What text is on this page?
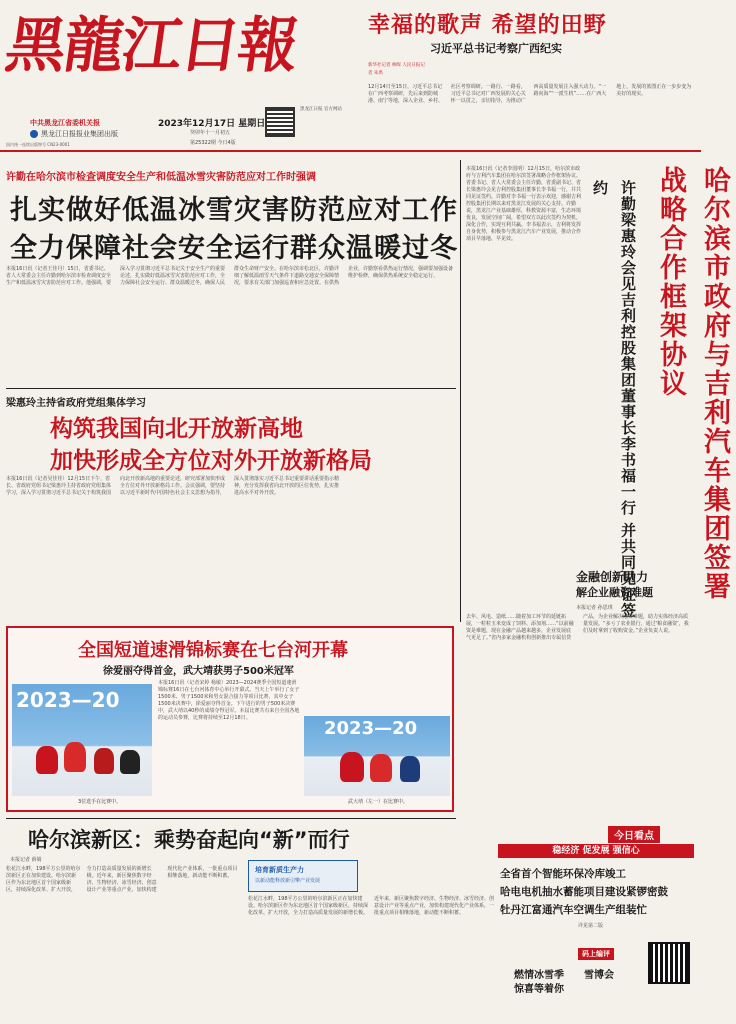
黑龍江日報
中共黑龙江省委机关报
黑龙江日报报业集团出版
国内统一连续出版物号 CN23-0001
2023年12月17日 星期日
癸卯年十一月初五
第25322期 今日4版
黑龙江日报 官方网站
幸福的歌声 希望的田野
习近平总书记考察广西纪实
新华社记者 林晖 人民日报记者 朱禹
12月14日至15日，习近平总书记在广西考察调研，先后来到防城港、南宁等地，深入企业、乡村、社区考察调研。一路行、一路看，习近平总书记对广西发展的关心关怀一以贯之，亲切指导，为推动广西高质量发展注入强大动力。“一路向海”“一派生机”……在广西大地上，发展的蓝图正在一步步变为美好的现实。
许勤在哈尔滨市检查调度安全生产和低温冰雪灾害防范应对工作时强调
扎实做好低温冰雪灾害防范应对工作
全力保障社会安全运行群众温暖过冬
本报16日讯（记者王佳丹）15日，省委书记、省人大常委会主任许勤到哈尔滨市检查调度安全生产和低温冰雪灾害防范应对工作。他强调，要深入学习贯彻习近平总书记关于安全生产的重要论述，扎实做好低温冰雪灾害防范应对工作，全力保障社会安全运行、群众温暖过冬，确保人民群众生命财产安全。在哈尔滨市松北区，许勤详细了解低温雨雪天气条件下道路交通安全保障情况，要求有关部门加强巡查和应急处置。在供热企业，许勤察看供热运行情况，强调要加强设备维护检修，确保供热系统安全稳定运行。
梁惠玲主持省政府党组集体学习
构筑我国向北开放新高地
加快形成全方位对外开放新格局
本报16日讯（记者吴佳佳）12月15日下午，省长、省政府党组书记梁惠玲主持省政府党组集体学习，深入学习贯彻习近平总书记关于构筑我国向北开放新高地的重要论述，研究部署加快形成全方位对外开放新格局工作。会议强调，要坚持以习近平新时代中国特色社会主义思想为指导，深入贯彻落实习近平总书记重要讲话重要指示精神，充分发挥我省向北开放的区位优势，扎实推进高水平对外开放。	哈尔滨市政府与吉利汽车集团签署战略合作框架协议
许勤梁惠玲会见吉利控股集团董事长李书福一行 并共同见证签约
本报16日讯（记者李国明）12月15日，哈尔滨市政府与吉利汽车集团在哈尔滨签署战略合作框架协议。省委书记、省人大常委会主任许勤，省委副书记、省长梁惠玲会见吉利控股集团董事长李书福一行，并共同见证签约。许勤对李书福一行表示欢迎，感谢吉利控股集团长期以来对黑龙江发展的关心支持。许勤说，黑龙江产业基础雄厚，科教资源丰富，生态环境优良，发展空间广阔，希望双方以此次签约为契机，深化合作，实现互利共赢。李书福表示，吉利将发挥自身优势，积极参与黑龙江汽车产业发展，推动合作项目早落地、早见效。
金融创新助力
解企业融资难题
本报记者 孙思琪
去年、风电、造纸……随着加工环节的延链拓展，一粒粒玉米变成了饲料、添加剂……“以前融资是难题，现在金融产品越来越多，企业发展底气更足了。”省内多家金融机构创新推出专属信贷产品，为企业解决融资难题，助力实体经济高质量发展。“多亏了农业银行，通过‘粮食融资’，我们及时拿到了收购资金。”企业负责人说。
全国短道速滑锦标赛在七台河开幕
徐爱丽夺得首金，武大靖获男子500米冠军
2023—20
2023—20
本报16日讯（记者宋婷 杨敏）2023—2024赛季全国短道速滑锦标赛16日在七台河体育中心举行开幕式。当天上午举行了女子1500米、男子1500米和男女混合接力等项目比赛，其中女子1500米决赛中，徐爱丽夺得首金。下午进行的男子500米决赛中，武大靖以40秒的成绩夺得冠军。本届比赛共有来自全国各地的运动员参赛，比赛将持续至12月18日。
3位选手在比赛中。	武大靖（左一）在比赛中。
哈尔滨新区：乘势奋起向“新”而行
本报记者 薛婧
培育新质生产力
以新动能释放新引擎产业发展
松花江水畔，198平方公里的哈尔滨新区正在加快建设。哈尔滨新区作为东北地区首个国家级新区，持续深化改革、扩大开放，全力打造高质量发展的新增长极。近年来，新区聚焦数字经济、生物经济、冰雪经济、创意设计产业等重点产业，加快构建现代化产业体系，一批重点项目相继落地，新动能不断积蓄。
松花江水畔，198平方公里的哈尔滨新区正在加快建设。哈尔滨新区作为东北地区首个国家级新区，持续深化改革、扩大开放，全力打造高质量发展的新增长极。近年来，新区聚焦数字经济、生物经济、冰雪经济、创意设计产业等重点产业，加快构建现代化产业体系，一批重点项目相继落地，新动能不断积蓄。
今日看点
稳经济 促发展 强信心
全省首个智能环保冷库竣工
哈电电机抽水蓄能项目建设紧锣密鼓
牡丹江富通汽车空调生产组装忙
详见第二版
码上编评
燃情冰雪季 雪博会
惊喜等着你
